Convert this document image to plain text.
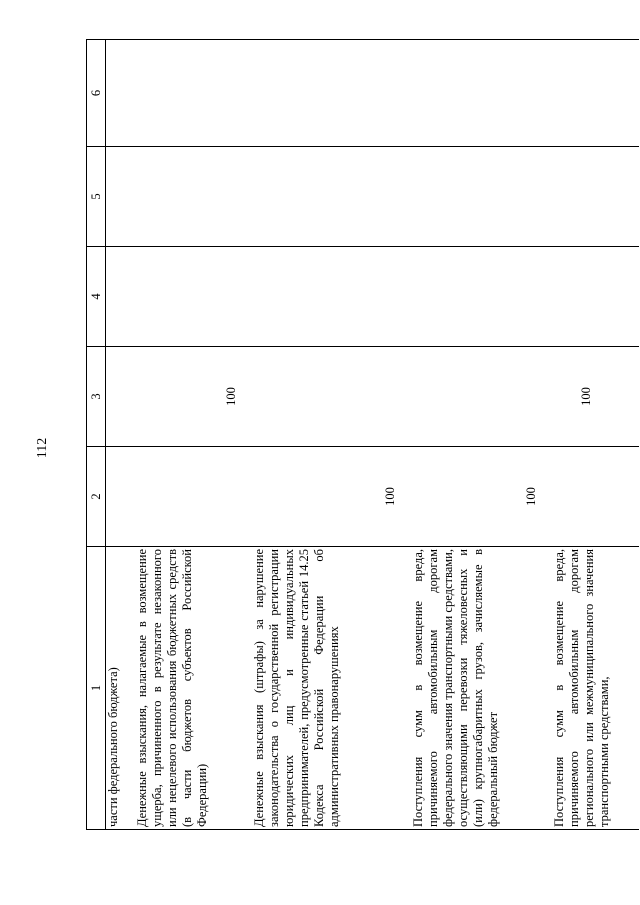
112
1	2	3	4	5	6
части федерального бюджета)					
Денежные взыскания, налагаемые в возмещение ущерба, причиненного в результате незаконного или нецелевого использования бюджетных средств (в части бюджетов субъектов Российской Федерации)		100			
Денежные взыскания (штрафы) за нарушение законодательства о государственной регистрации юридических лиц и индивидуальных предпринимателей, предусмотренные статьей 14.25 Кодекса Российской Федерации об административных правонарушениях	100				
Поступления сумм в возмещение вреда, причиняемого автомобильным дорогам федерального значения транспортными средствами, осуществляющими перевозки тяжеловесных и (или) крупногабаритных грузов, зачисляемые в федеральный бюджет	100				
Поступления сумм в возмещение вреда, причиняемого автомобильным дорогам регионального или межмуниципального значения транспортными средствами,		100			
